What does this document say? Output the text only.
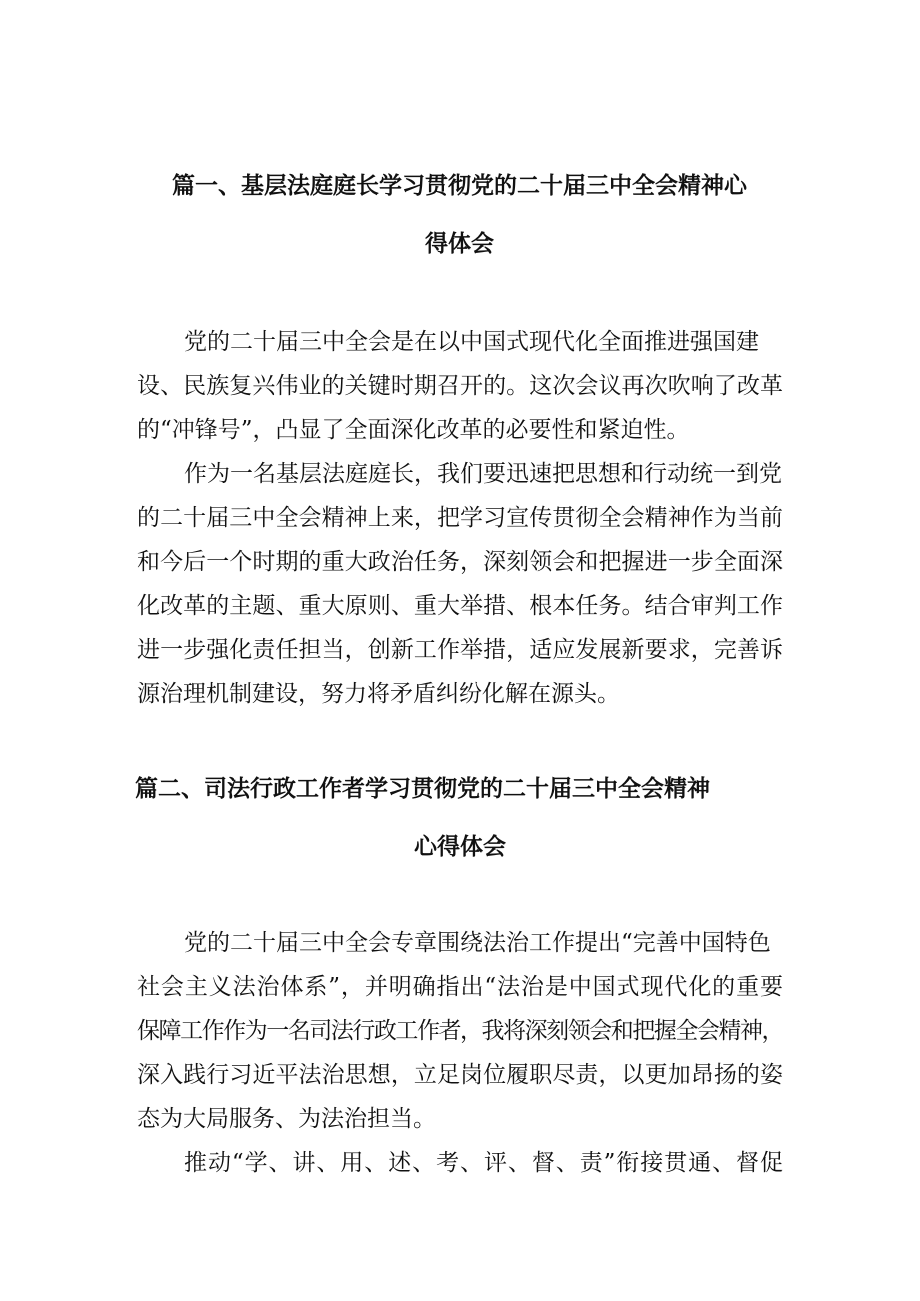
篇一、基层法庭庭长学习贯彻党的二十届三中全会精神心
得体会
党的二十届三中全会是在以中国式现代化全面推进强国建
设、民族复兴伟业的关键时期召开的。这次会议再次吹响了改革
的“冲锋号”，凸显了全面深化改革的必要性和紧迫性。
作为一名基层法庭庭长，我们要迅速把思想和行动统一到党
的二十届三中全会精神上来，把学习宣传贯彻全会精神作为当前
和今后一个时期的重大政治任务，深刻领会和把握进一步全面深
化改革的主题、重大原则、重大举措、根本任务。结合审判工作
进一步强化责任担当，创新工作举措，适应发展新要求，完善诉
源治理机制建设，努力将矛盾纠纷化解在源头。
篇二、司法行政工作者学习贯彻党的二十届三中全会精神
心得体会
党的二十届三中全会专章围绕法治工作提出“完善中国特色
社会主义法治体系”，并明确指出“法治是中国式现代化的重要
保障工作作为一名司法行政工作者，我将深刻领会和把握全会精神，
深入践行习近平法治思想，立足岗位履职尽责，以更加昂扬的姿
态为大局服务、为法治担当。
推动“学、讲、用、述、考、评、督、责”衔接贯通、督促
